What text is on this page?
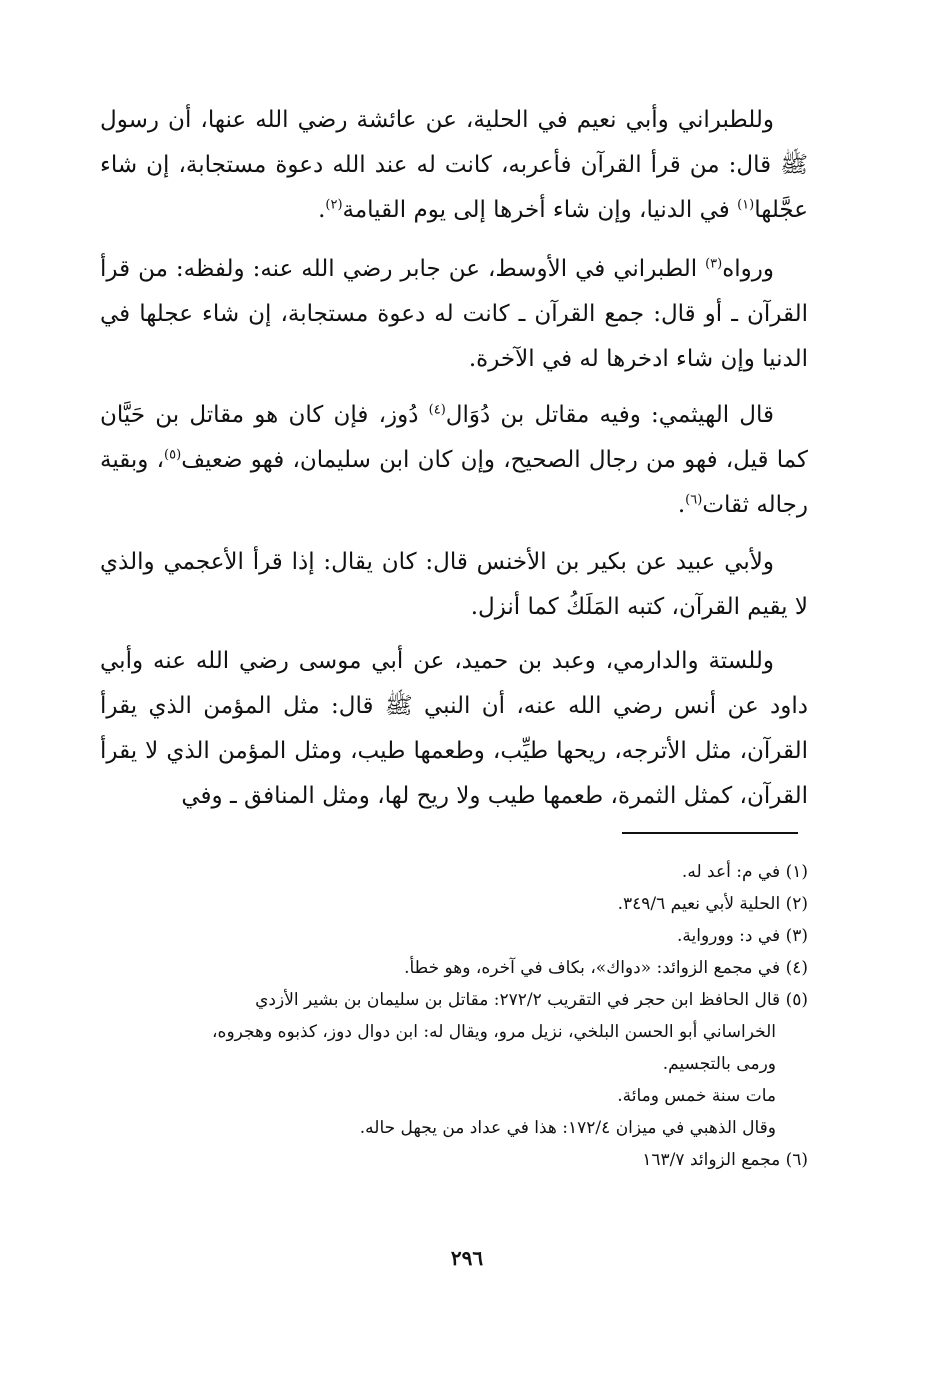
وللطبراني وأبي نعيم في الحلية، عن عائشة رضي الله عنها، أن رسول ﷺ قال: من قرأ القرآن فأعربه، كانت له عند الله دعوة مستجابة، إن شاء عجَّلها$^{(١)}$ في الدنيا، وإن شاء أخرها إلى يوم القيامة$^{(٢)}$.

ورواه$^{(٣)}$ الطبراني في الأوسط، عن جابر رضي الله عنه: ولفظه: من قرأ القرآن ـ أو قال: جمع القرآن ـ كانت له دعوة مستجابة، إن شاء عجلها في الدنيا وإن شاء ادخرها له في الآخرة.

قال الهيثمي: وفيه مقاتل بن دُوَال$^{(٤)}$ دُوز، فإن كان هو مقاتل بن حَيَّان كما قيل، فهو من رجال الصحيح، وإن كان ابن سليمان، فهو ضعيف$^{(٥)}$، وبقية رجاله ثقات$^{(٦)}$.

ولأبي عبيد عن بكير بن الأخنس قال: كان يقال: إذا قرأ الأعجمي والذي لا يقيم القرآن، كتبه المَلَكُ كما أنزل.

وللستة والدارمي، وعبد بن حميد، عن أبي موسى رضي الله عنه وأبي داود عن أنس رضي الله عنه، أن النبي ﷺ قال: مثل المؤمن الذي يقرأ القرآن، مثل الأترجه، ريحها طيِّب، وطعمها طيب، ومثل المؤمن الذي لا يقرأ القرآن، كمثل الثمرة، طعمها طيب ولا ريح لها، ومثل المنافق ـ وفي

(١) في م: أعد له.

(٢) الحلية لأبي نعيم ٣٤٩/٦.

(٣) في د: وورواية.

(٤) في مجمع الزوائد: «دواك»، بكاف في آخره، وهو خطأ.

(٥) قال الحافظ ابن حجر في التقريب ٢٧٢/٢: مقاتل بن سليمان بن بشير الأزدي

الخراساني أبو الحسن البلخي، نزيل مرو، ويقال له: ابن دوال دوز، كذبوه وهجروه،

ورمى بالتجسيم.

مات سنة خمس ومائة.

وقال الذهبي في ميزان ١٧٢/٤: هذا في عداد من يجهل حاله.

(٦) مجمع الزوائد ١٦٣/٧

٢٩٦
